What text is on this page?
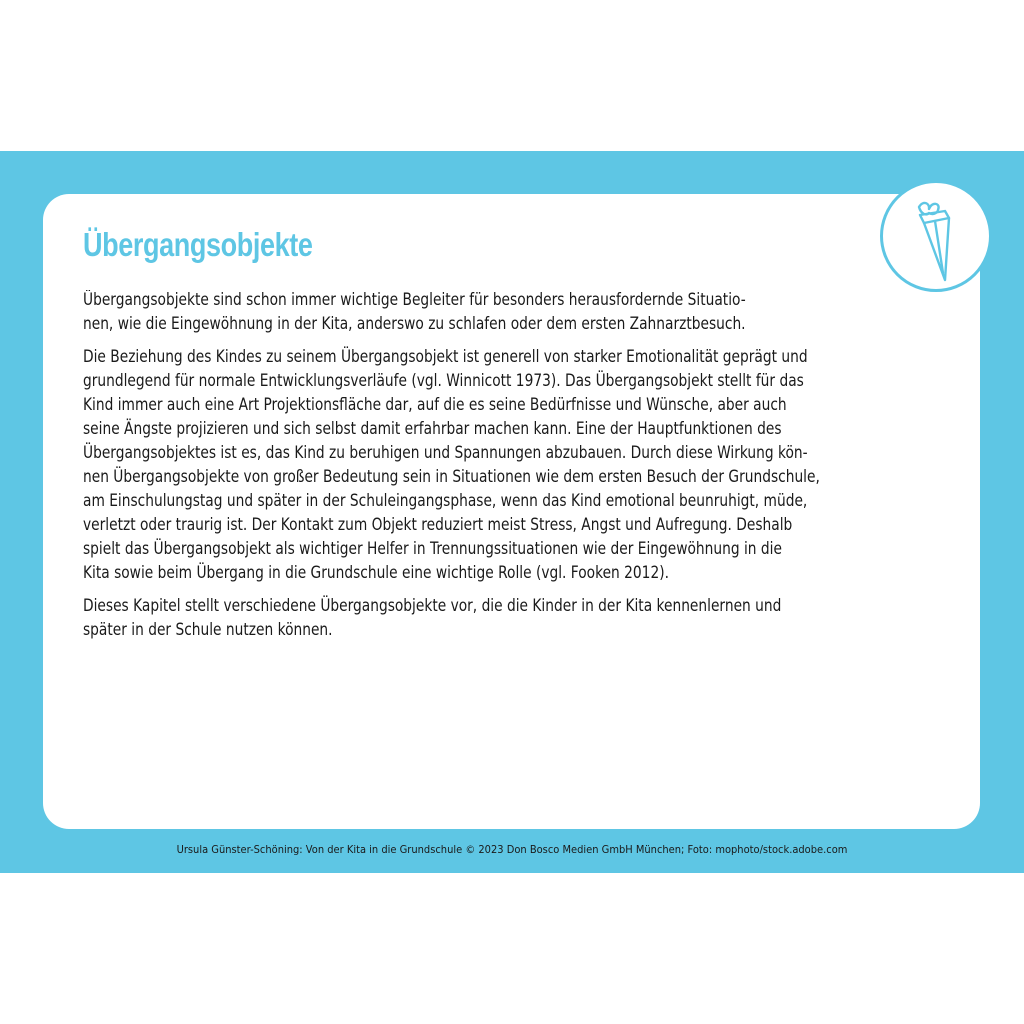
Übergangsobjekte

Übergangsobjekte sind schon immer wichtige Begleiter für besonders herausfordernde Situatio-
nen, wie die Eingewöhnung in der Kita, anderswo zu schlafen oder dem ersten Zahnarztbesuch.

Die Beziehung des Kindes zu seinem Übergangsobjekt ist generell von starker Emotionalität geprägt und
grundlegend für normale Entwicklungsverläufe (vgl. Winnicott 1973). Das Übergangsobjekt stellt für das
Kind immer auch eine Art Projektionsfläche dar, auf die es seine Bedürfnisse und Wünsche, aber auch
seine Ängste projizieren und sich selbst damit erfahrbar machen kann. Eine der Hauptfunktionen des
Übergangsobjektes ist es, das Kind zu beruhigen und Spannungen abzubauen. Durch diese Wirkung kön-
nen Übergangsobjekte von großer Bedeutung sein in Situationen wie dem ersten Besuch der Grundschule,
am Einschulungstag und später in der Schuleingangsphase, wenn das Kind emotional beunruhigt, müde,
verletzt oder traurig ist. Der Kontakt zum Objekt reduziert meist Stress, Angst und Aufregung. Deshalb
spielt das Übergangsobjekt als wichtiger Helfer in Trennungssituationen wie der Eingewöhnung in die
Kita sowie beim Übergang in die Grundschule eine wichtige Rolle (vgl. Fooken 2012).

Dieses Kapitel stellt verschiedene Übergangsobjekte vor, die die Kinder in der Kita kennenlernen und
später in der Schule nutzen können.

Ursula Günster-Schöning: Von der Kita in die Grundschule © 2023 Don Bosco Medien GmbH München; Foto: mophoto/stock.adobe.com
